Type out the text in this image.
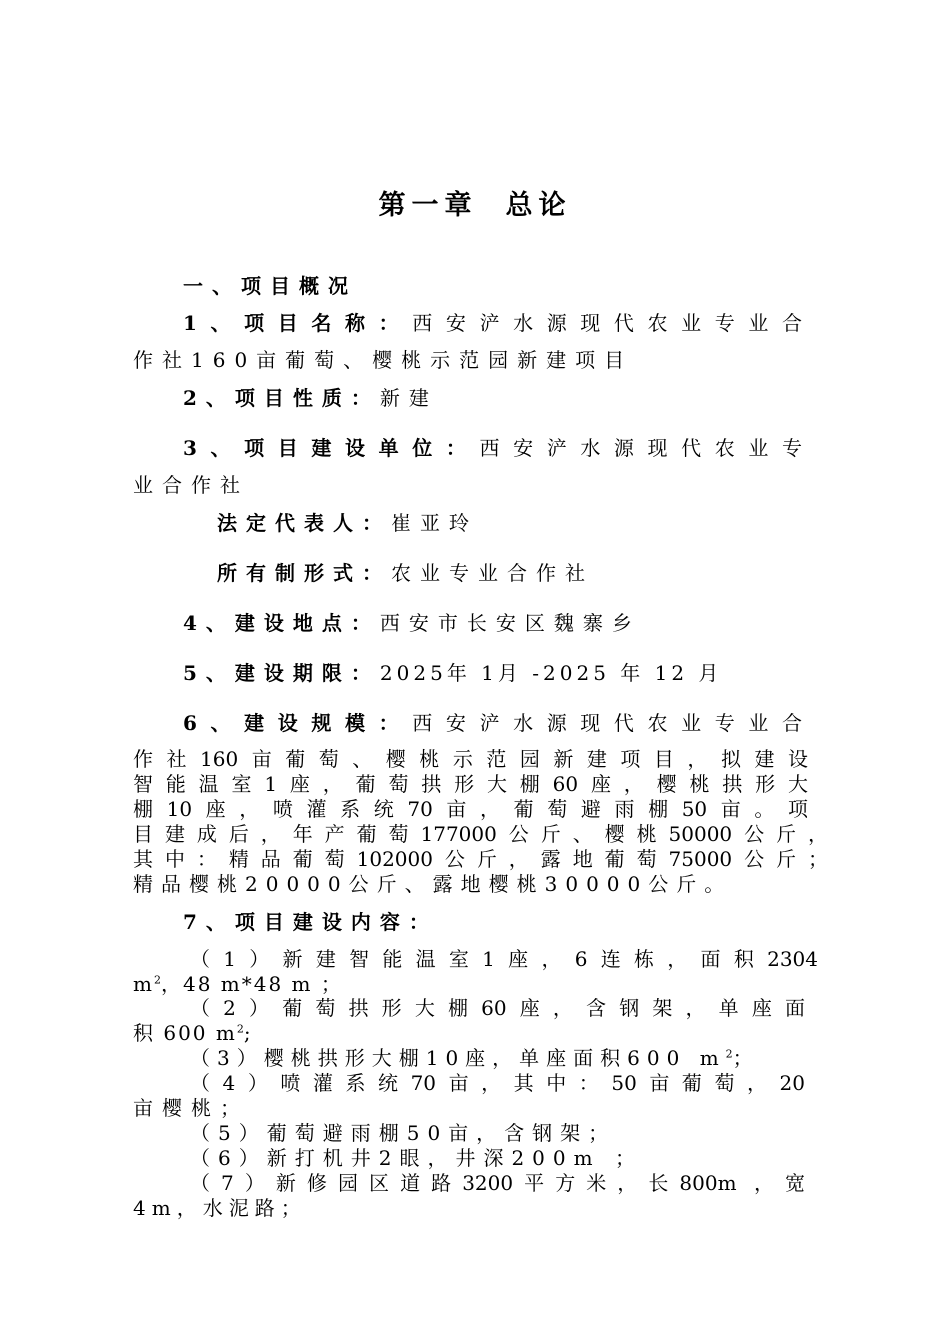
第一章 总论
一、项目概况
1、项目名称：西安浐水源现代农业专业合
作社160亩葡萄、樱桃示范园新建项目
2、项目性质：新建
3、项目建设单位：西安浐水源现代农业专
业合作社
法定代表人：崔亚玲
所有制形式：农业专业合作社
4、建设地点：西安市长安区魏寨乡
5、建设期限：2025年 1月 -2025 年 12 月
6、建设规模：西安浐水源现代农业专业合
作社160亩葡萄、樱桃示范园新建项目，拟建设
智能温室1座，葡萄拱形大棚60座，樱桃拱形大
棚10座，喷灌系统70亩，葡萄避雨棚50亩。项
目建成后，年产葡萄177000公斤、樱桃50000公斤，
其中：精品葡萄102000公斤，露地葡萄75000公斤；
精品樱桃20000公斤、露地樱桃30000公斤。
7、项目建设内容：
（1）新建智能温室1座，6连栋，面积2304
$m^2$，48 m*48 m ；
（2）葡萄拱形大棚60座，含钢架，单座面
积 600 $m^2$;
（3）樱桃拱形大棚10座，单座面积600 $m^2$；
（4）喷灌系统70亩，其中：50亩葡萄，20
亩樱桃；
（5）葡萄避雨棚50亩，含钢架；
（6）新打机井2眼，井深200m ；
（7）新修园区道路3200平方米，长800m ，宽
4m，水泥路；
